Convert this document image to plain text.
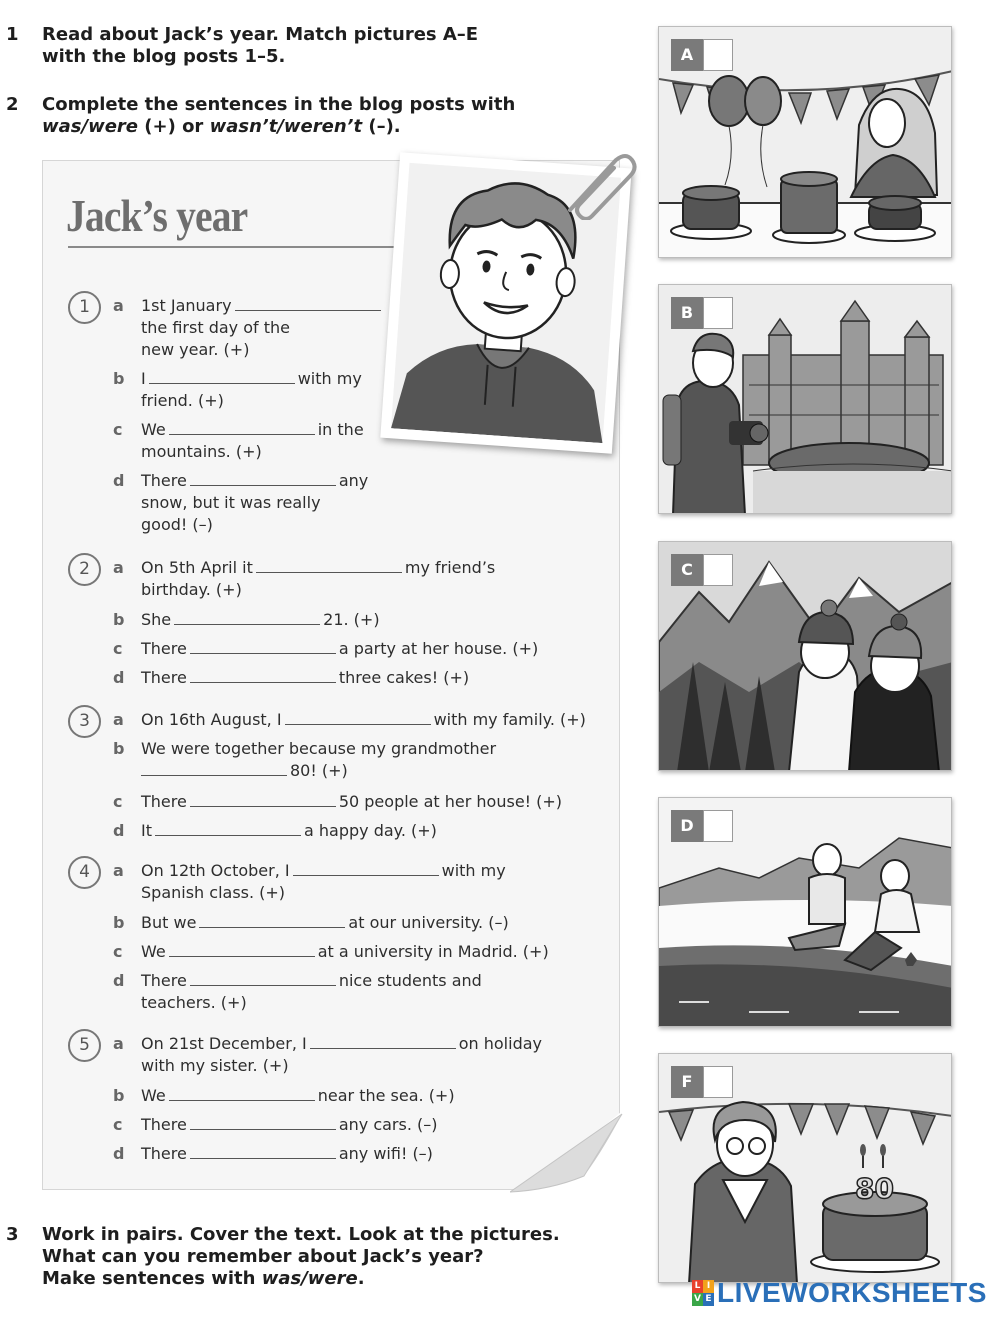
1	Read about Jack’s year. Match pictures A–E with the blog posts 1–5.
2	Complete the sentences in the blog posts with was/were (+) or wasn’t/weren’t (–).
Jack’s year
1	a 1st January
the first day of the
new year. (+)
b I	with my
friend. (+)
c We	in the
mountains. (+)
d There	any
snow, but it was really
good! (–)
2	a On 5th April it	my friend’s
birthday. (+)
b She	21. (+)
c There	a party at her house. (+)
d There	three cakes! (+)
3	a On 16th August, I	with my family. (+)
b We were together because my grandmother
80! (+)
c There	50 people at her house! (+)
d It	a happy day. (+)
4	a On 12th October, I	with my
Spanish class. (+)
b But we	at our university. (–)
c We	at a university in Madrid. (+)
d There	nice students and
teachers. (+)
5	a On 21st December, I	on holiday
with my sister. (+)
b We	near the sea. (+)
c There	any cars. (–)
d There	any wifi! (–)
3	Work in pairs. Cover the text. Look at the pictures.
What can you remember about Jack’s year?
Make sentences with was/were.
A
B
C
D
F
80
L I
V E LIVEWORKSHEETS
